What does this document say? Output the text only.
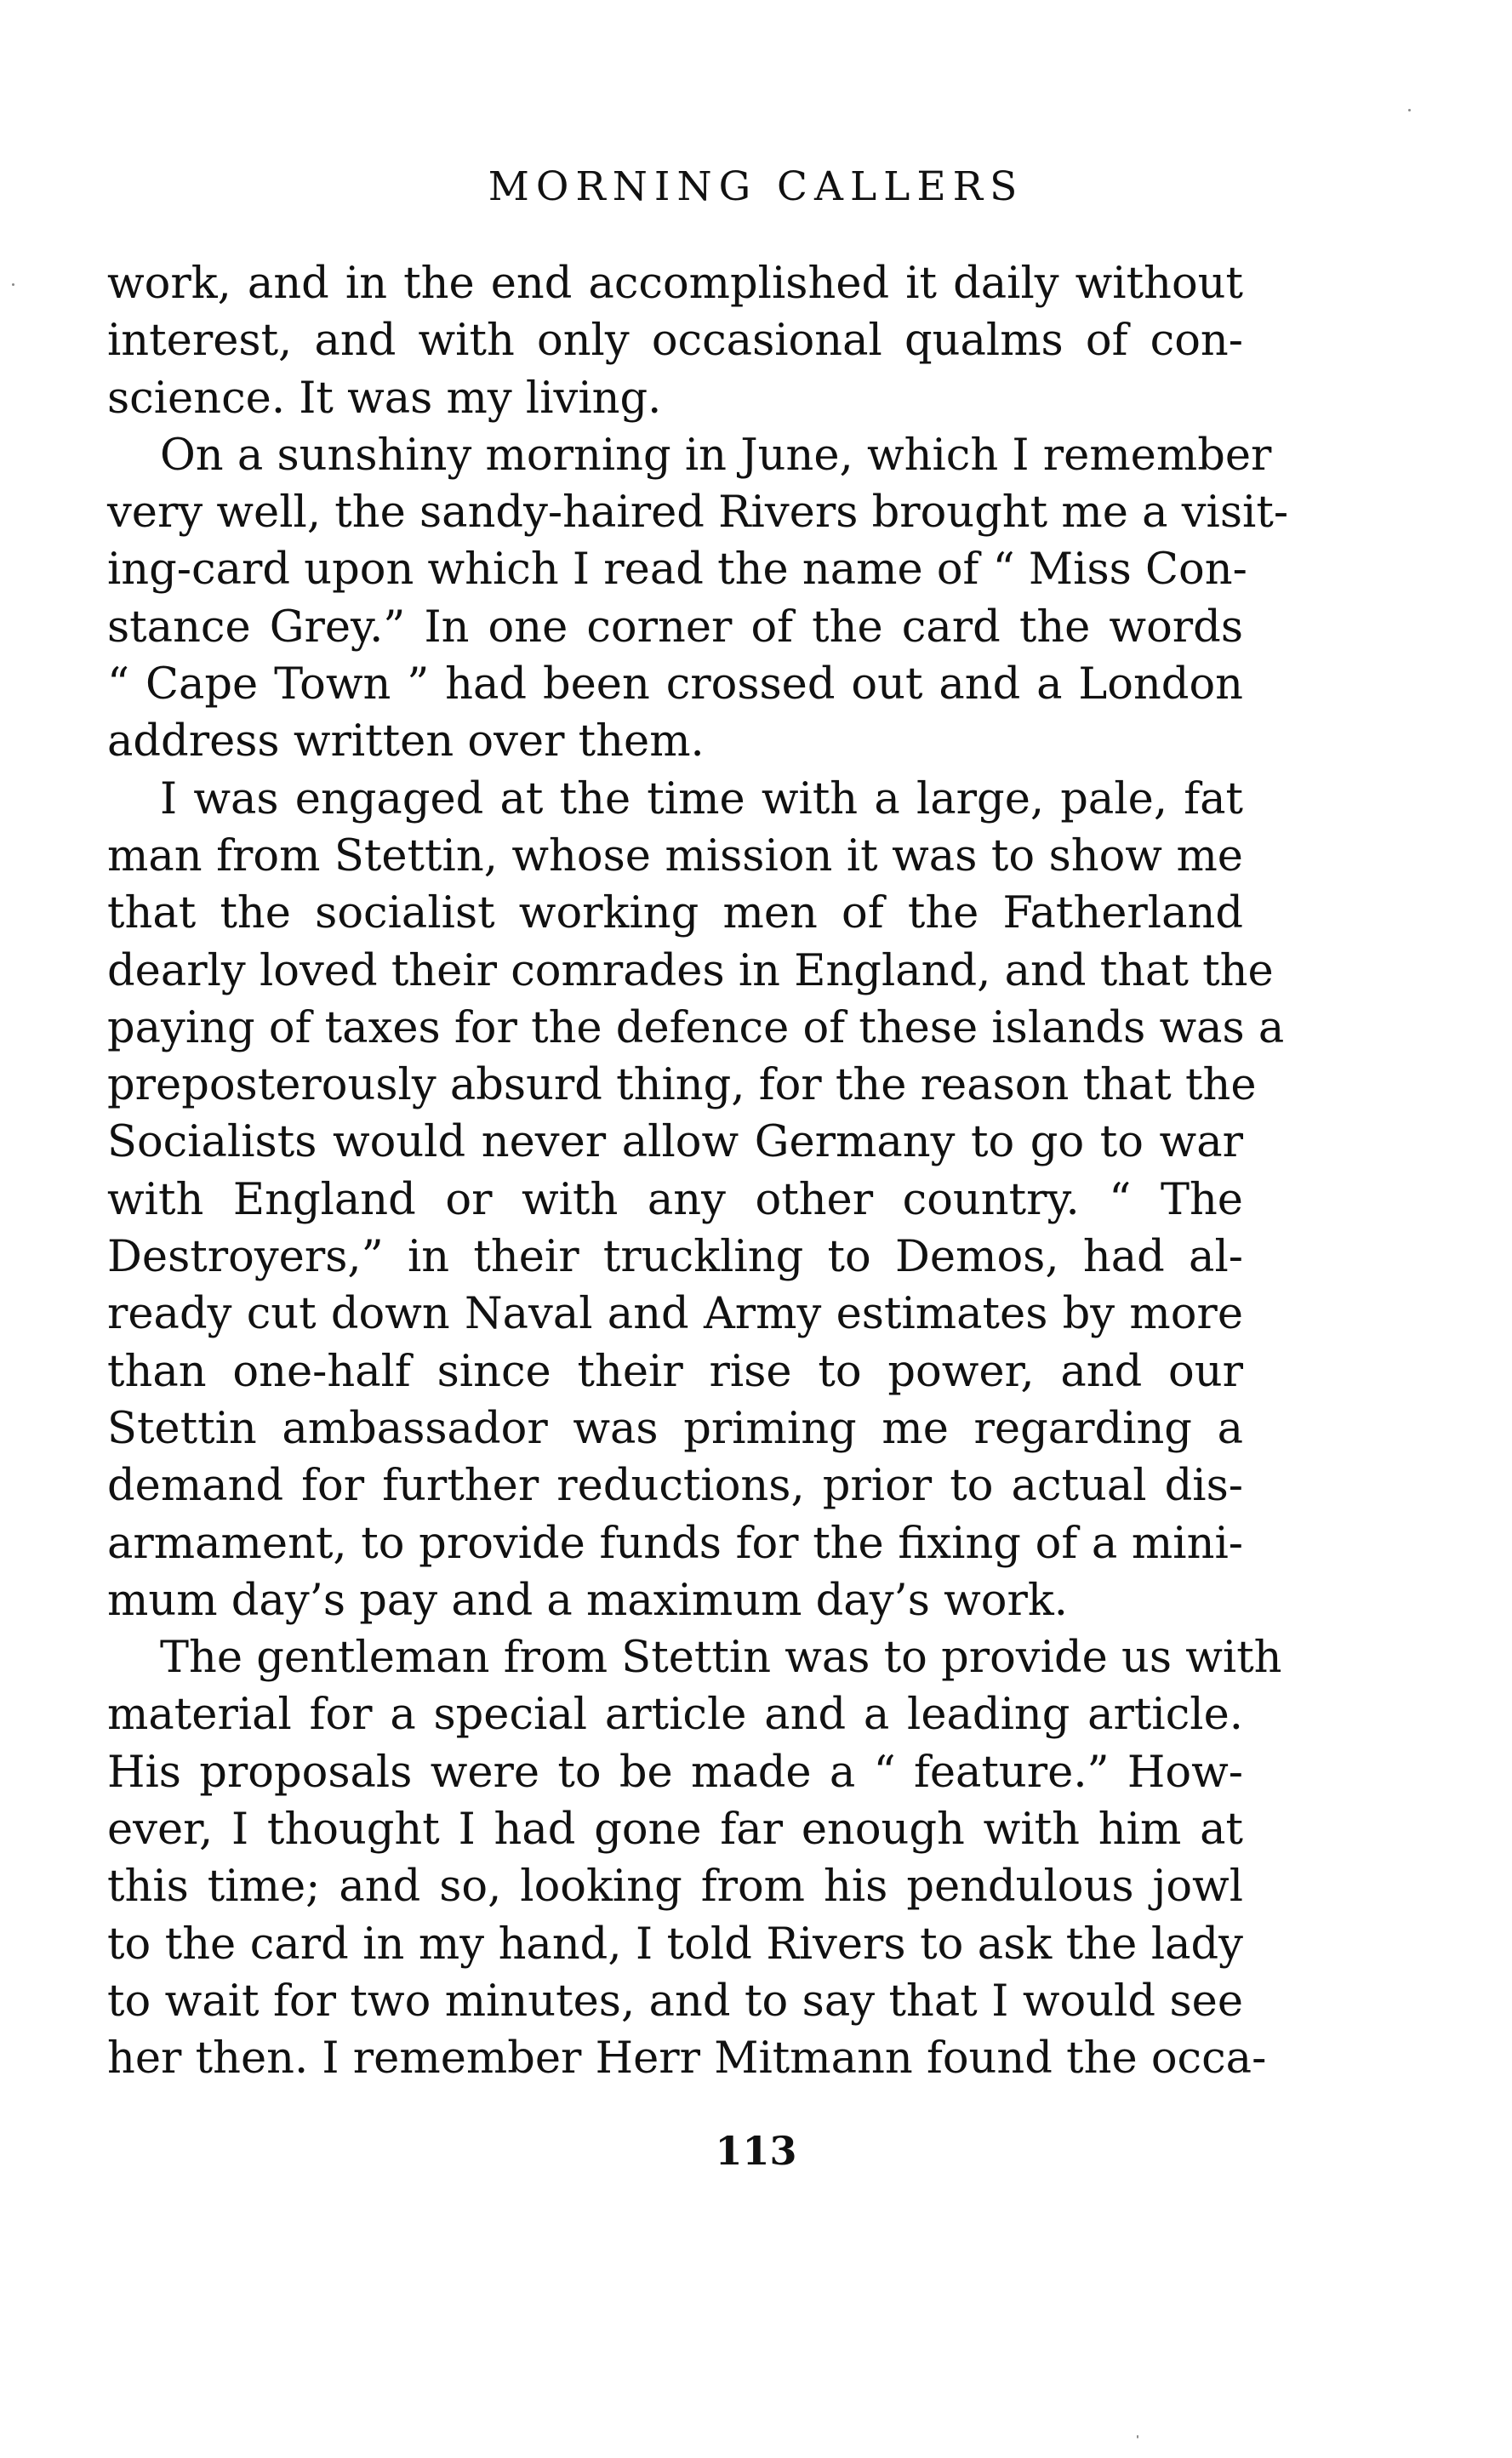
MORNING CALLERS
work, and in the end accomplished it daily without
interest, and with only occasional qualms of con-
science. It was my living.
On a sunshiny morning in June, which I remember
very well, the sandy-haired Rivers brought me a visit-
ing-card upon which I read the name of “ Miss Con-
stance Grey.” In one corner of the card the words
“ Cape Town ” had been crossed out and a London
address written over them.
I was engaged at the time with a large, pale, fat
man from Stettin, whose mission it was to show me
that the socialist working men of the Fatherland
dearly loved their comrades in England, and that the
paying of taxes for the defence of these islands was a
preposterously absurd thing, for the reason that the
Socialists would never allow Germany to go to war
with England or with any other country. “ The
Destroyers,” in their truckling to Demos, had al-
ready cut down Naval and Army estimates by more
than one-half since their rise to power, and our
Stettin ambassador was priming me regarding a
demand for further reductions, prior to actual dis-
armament, to provide funds for the fixing of a mini-
mum day’s pay and a maximum day’s work.
The gentleman from Stettin was to provide us with
material for a special article and a leading article.
His proposals were to be made a “ feature.” How-
ever, I thought I had gone far enough with him at
this time; and so, looking from his pendulous jowl
to the card in my hand, I told Rivers to ask the lady
to wait for two minutes, and to say that I would see
her then. I remember Herr Mitmann found the occa-
113
